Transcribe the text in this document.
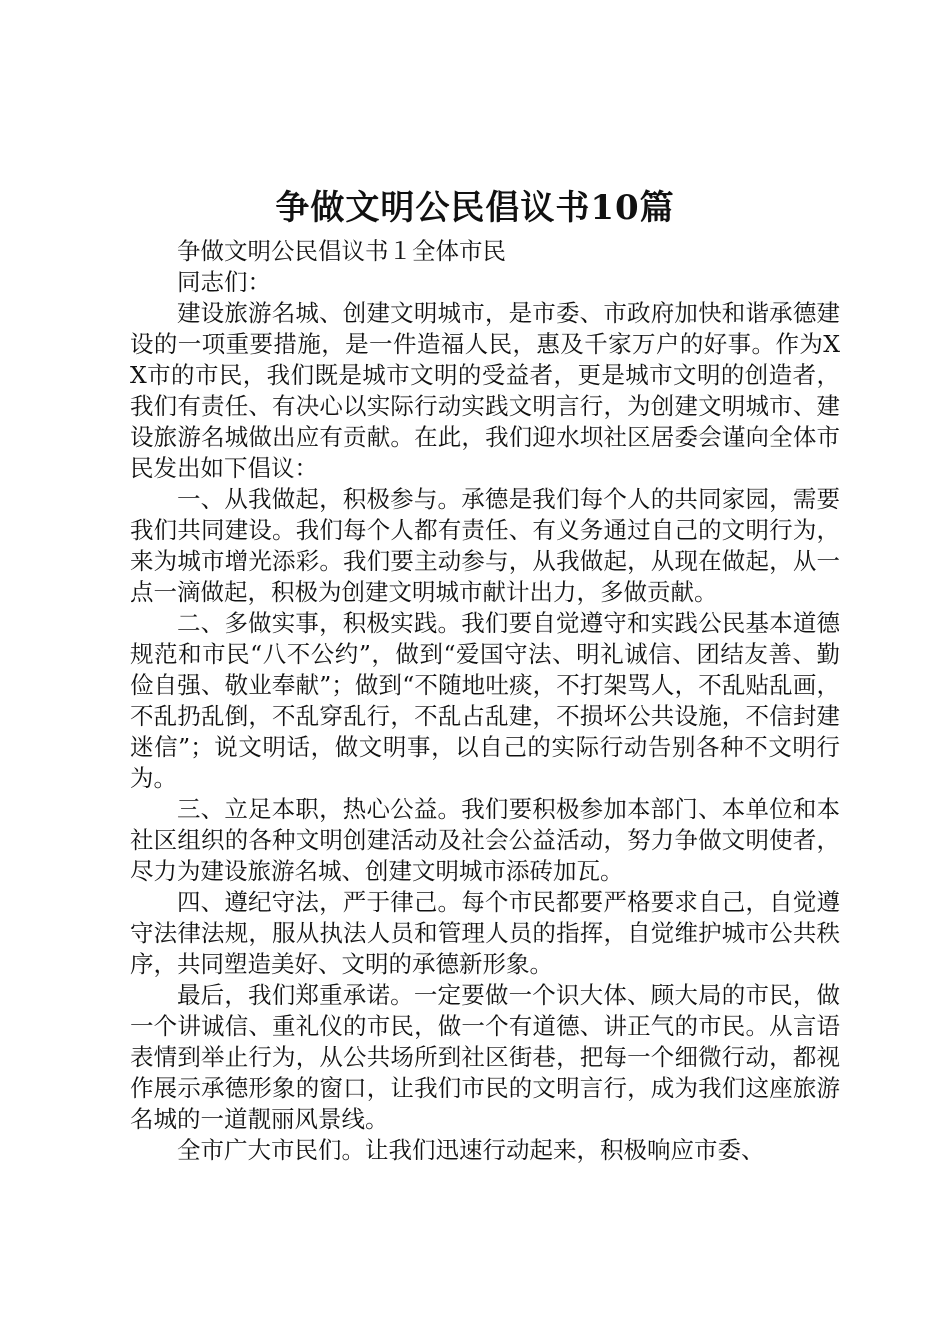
争做文明公民倡议书10篇

争做文明公民倡议书１全体市民

同志们：

建设旅游名城、创建文明城市，是市委、市政府加快和谐承德建设的一项重要措施，是一件造福人民，惠及千家万户的好事。作为XX市的市民，我们既是城市文明的受益者，更是城市文明的创造者，我们有责任、有决心以实际行动实践文明言行，为创建文明城市、建设旅游名城做出应有贡献。在此，我们迎水坝社区居委会谨向全体市民发出如下倡议：

一、从我做起，积极参与。承德是我们每个人的共同家园，需要我们共同建设。我们每个人都有责任、有义务通过自己的文明行为，来为城市增光添彩。我们要主动参与，从我做起，从现在做起，从一点一滴做起，积极为创建文明城市献计出力，多做贡献。

二、多做实事，积极实践。我们要自觉遵守和实践公民基本道德规范和市民“八不公约”，做到“爱国守法、明礼诚信、团结友善、勤俭自强、敬业奉献”；做到“不随地吐痰，不打架骂人，不乱贴乱画，不乱扔乱倒，不乱穿乱行，不乱占乱建，不损坏公共设施，不信封建迷信”；说文明话，做文明事，以自己的实际行动告别各种不文明行为。

三、立足本职，热心公益。我们要积极参加本部门、本单位和本社区组织的各种文明创建活动及社会公益活动，努力争做文明使者，尽力为建设旅游名城、创建文明城市添砖加瓦。

四、遵纪守法，严于律己。每个市民都要严格要求自己，自觉遵守法律法规，服从执法人员和管理人员的指挥，自觉维护城市公共秩序，共同塑造美好、文明的承德新形象。

最后，我们郑重承诺。一定要做一个识大体、顾大局的市民，做一个讲诚信、重礼仪的市民，做一个有道德、讲正气的市民。从言语表情到举止行为，从公共场所到社区街巷，把每一个细微行动，都视作展示承德形象的窗口，让我们市民的文明言行，成为我们这座旅游名城的一道靓丽风景线。

全市广大市民们。让我们迅速行动起来，积极响应市委、
